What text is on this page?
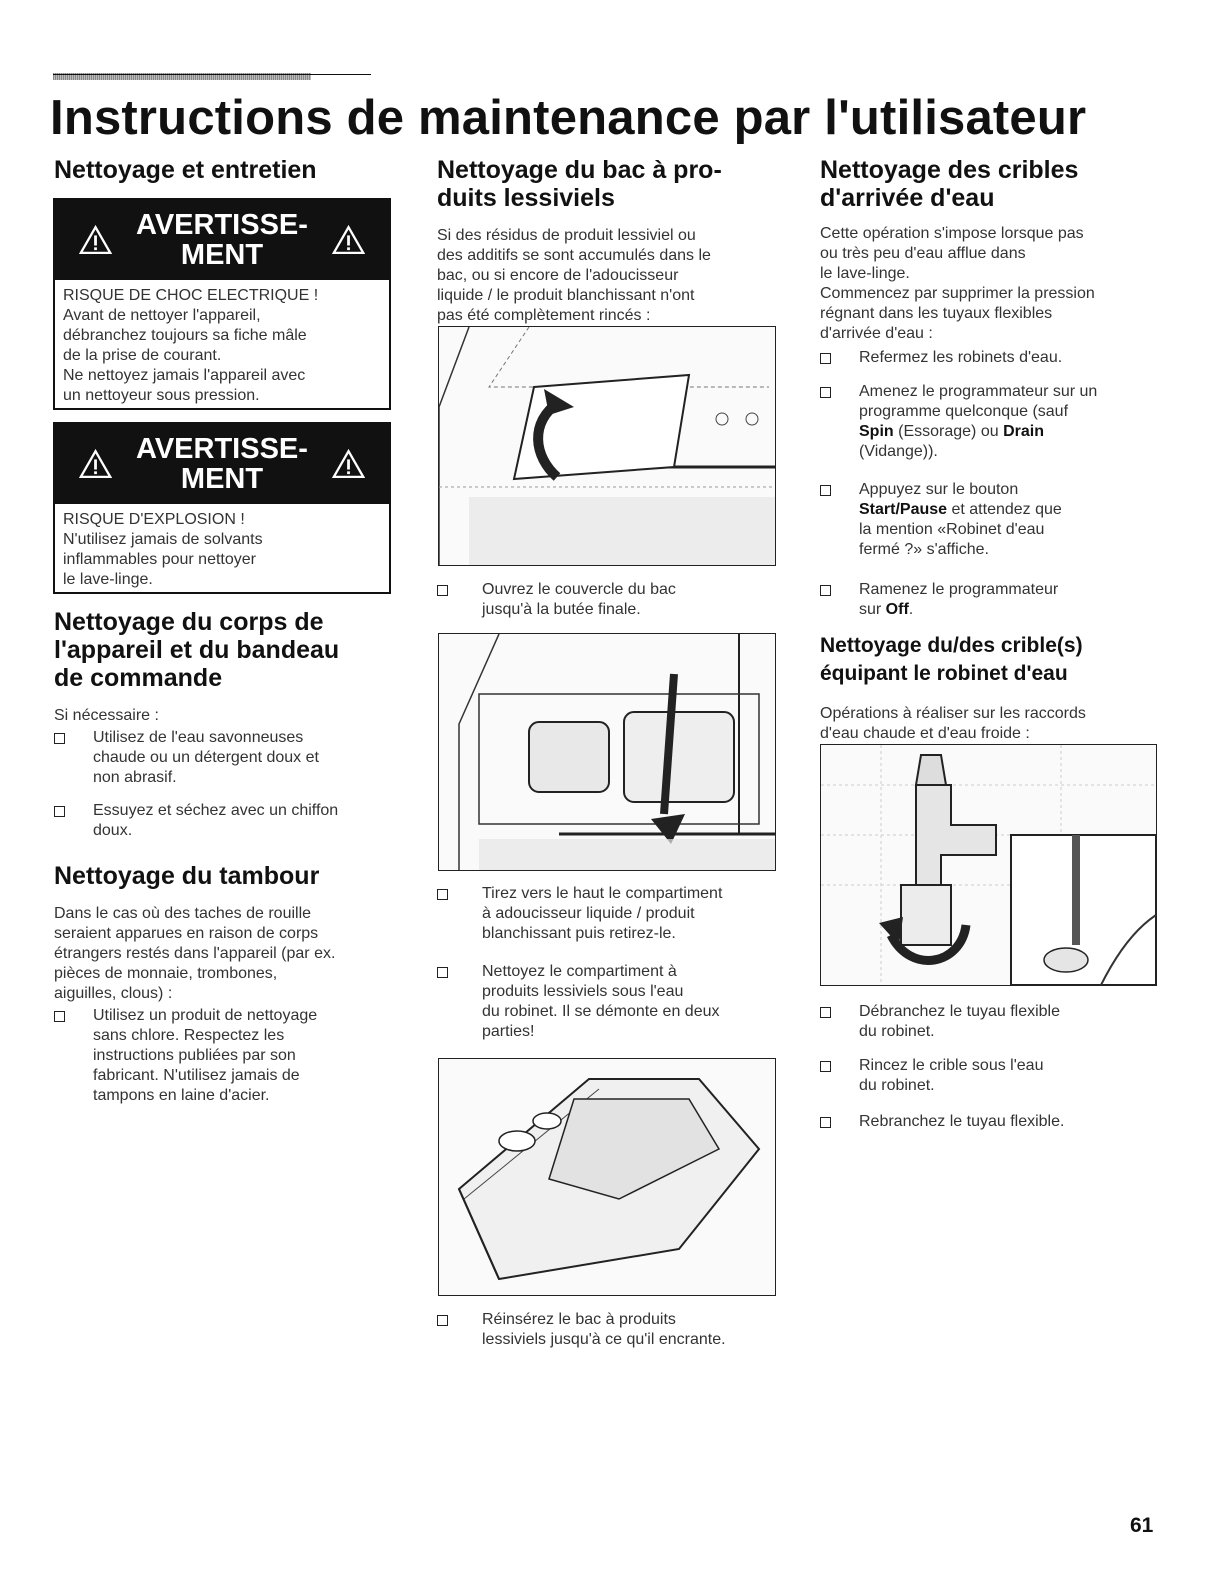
Instructions de maintenance par l'utilisateur
Nettoyage et entretien
AVERTISSE-
MENT
RISQUE DE CHOC ELECTRIQUE !
Avant de nettoyer l'appareil,
débranchez toujours sa fiche mâle
de la prise de courant.
Ne nettoyez jamais l'appareil avec
un nettoyeur sous pression.
AVERTISSE-
MENT
RISQUE D'EXPLOSION !
N'utilisez jamais de solvants
inflammables pour nettoyer
le lave-linge.
Nettoyage du corps de
l'appareil et du bandeau
de commande
Si nécessaire :
Utilisez de l'eau savonneuses
chaude ou un détergent doux et
non abrasif.
Essuyez et séchez avec un chiffon
doux.
Nettoyage du tambour
Dans le cas où des taches de rouille
seraient apparues en raison de corps
étrangers restés dans l'appareil (par ex.
pièces de monnaie, trombones,
aiguilles, clous) :
Utilisez un produit de nettoyage
sans chlore. Respectez les
instructions publiées par son
fabricant. N'utilisez jamais de
tampons en laine d'acier.
Nettoyage du bac à pro-
duits lessiviels
Si des résidus de produit lessiviel ou
des additifs se sont accumulés dans le
bac, ou si encore de l'adoucisseur
liquide / le produit blanchissant n'ont
pas été complètement rincés :
Ouvrez le couvercle du bac
jusqu'à la butée finale.
Tirez vers le haut le compartiment
à adoucisseur liquide / produit
blanchissant puis retirez-le.
Nettoyez le compartiment à
produits lessiviels sous l'eau
du robinet. Il se démonte en deux
parties!
Réinsérez le bac à produits
lessiviels jusqu'à ce qu'il encrante.
Nettoyage des cribles
d'arrivée d'eau
Cette opération s'impose lorsque pas
ou très peu d'eau afflue dans
le lave-linge.
Commencez par supprimer la pression
régnant dans les tuyaux flexibles
d'arrivée d'eau :
Refermez les robinets d'eau.
Amenez le programmateur sur un
programme quelconque (sauf
Spin (Essorage) ou Drain
(Vidange)).
Appuyez sur le bouton
Start/Pause et attendez que
la mention «Robinet d'eau
fermé ?» s'affiche.
Ramenez le programmateur
sur Off.
Nettoyage du/des crible(s)
équipant le robinet d'eau
Opérations à réaliser sur les raccords
d'eau chaude et d'eau froide :
Débranchez le tuyau flexible
du robinet.
Rincez le crible sous l'eau
du robinet.
Rebranchez le tuyau flexible.
61
